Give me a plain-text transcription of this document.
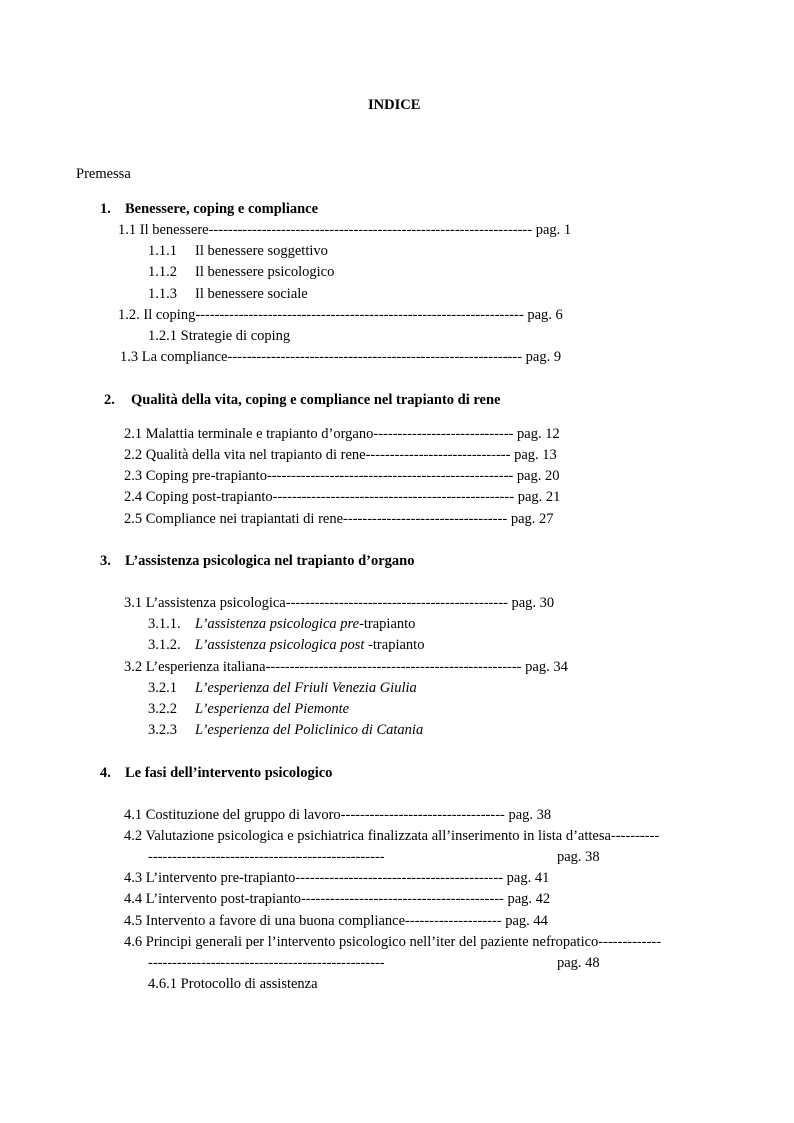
INDICE
Premessa
1. Benessere, coping e compliance
1.1 Il benessere------------------------------------------------------------------- pag. 1
1.1.1 Il benessere soggettivo
1.1.2 Il benessere psicologico
1.1.3 Il benessere sociale
1.2. Il coping-------------------------------------------------------------------- pag. 6
1.2.1 Strategie di coping
1.3 La compliance------------------------------------------------------------- pag. 9
2. Qualità della vita, coping e compliance nel trapianto di rene
2.1 Malattia terminale e trapianto d’organo----------------------------- pag. 12
2.2 Qualità della vita nel trapianto di rene------------------------------ pag. 13
2.3 Coping pre-trapianto--------------------------------------------------- pag. 20
2.4 Coping post-trapianto-------------------------------------------------- pag. 21
2.5 Compliance nei trapiantati di rene---------------------------------- pag. 27
3. L’assistenza psicologica nel trapianto d’organo
3.1 L’assistenza psicologica---------------------------------------------- pag. 30
3.1.1. L’assistenza psicologica pre-trapianto
3.1.2. L’assistenza psicologica post -trapianto
3.2 L’esperienza italiana----------------------------------------------------- pag. 34
3.2.1 L’esperienza del Friuli Venezia Giulia
3.2.2 L’esperienza del Piemonte
3.2.3 L’esperienza del Policlinico di Catania
4. Le fasi dell’intervento psicologico
4.1 Costituzione del gruppo di lavoro---------------------------------- pag. 38
4.2 Valutazione psicologica e psichiatrica finalizzata all’inserimento in lista d’attesa----------
-------------------------------------------------	pag. 38
4.3 L’intervento pre-trapianto------------------------------------------- pag. 41
4.4 L’intervento post-trapianto------------------------------------------ pag. 42
4.5 Intervento a favore di una buona compliance-------------------- pag. 44
4.6 Principi generali per l’intervento psicologico nell’iter del paziente nefropatico-------------
-------------------------------------------------	pag. 48
4.6.1 Protocollo di assistenza
